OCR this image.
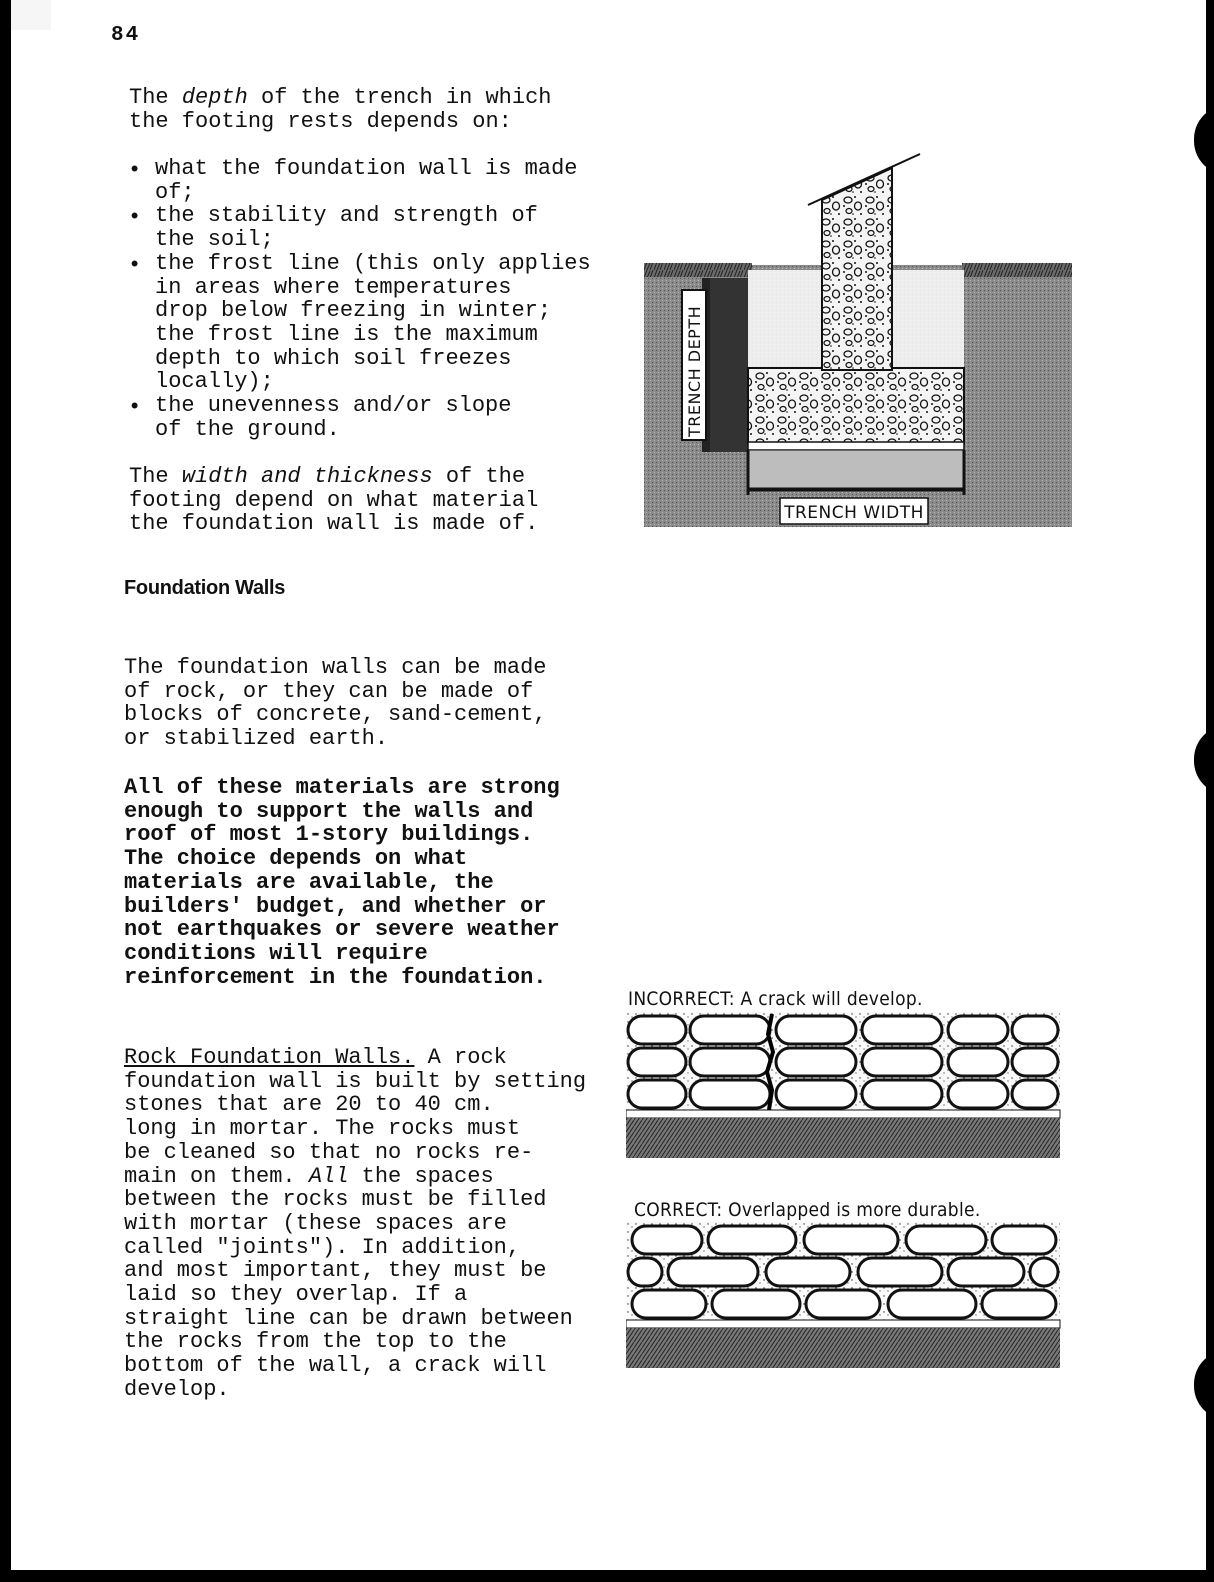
84
The depth of the trench in which
the footing rests depends on:
• what the foundation wall is made
of;
• the stability and strength of
the soil;
• the frost line (this only applies
in areas where temperatures
drop below freezing in winter;
the frost line is the maximum
depth to which soil freezes
locally);
• the unevenness and/or slope
of the ground.
The width and thickness of the
footing depend on what material
the foundation wall is made of.
Foundation Walls
The foundation walls can be made
of rock, or they can be made of
blocks of concrete, sand-cement,
or stabilized earth.
All of these materials are strong
enough to support the walls and
roof of most 1-story buildings.
The choice depends on what
materials are available, the
builders' budget, and whether or
not earthquakes or severe weather
conditions will require
reinforcement in the foundation.
Rock Foundation Walls. A rock
foundation wall is built by setting
stones that are 20 to 40 cm.
long in mortar. The rocks must
be cleaned so that no rocks re-
main on them. All the spaces
between the rocks must be filled
with mortar (these spaces are
called "joints"). In addition,
and most important, they must be
laid so they overlap. If a
straight line can be drawn between
the rocks from the top to the
bottom of the wall, a crack will
develop.
TRENCH DEPTH
TRENCH WIDTH
INCORRECT: A crack will develop.
CORRECT: Overlapped is more durable.
